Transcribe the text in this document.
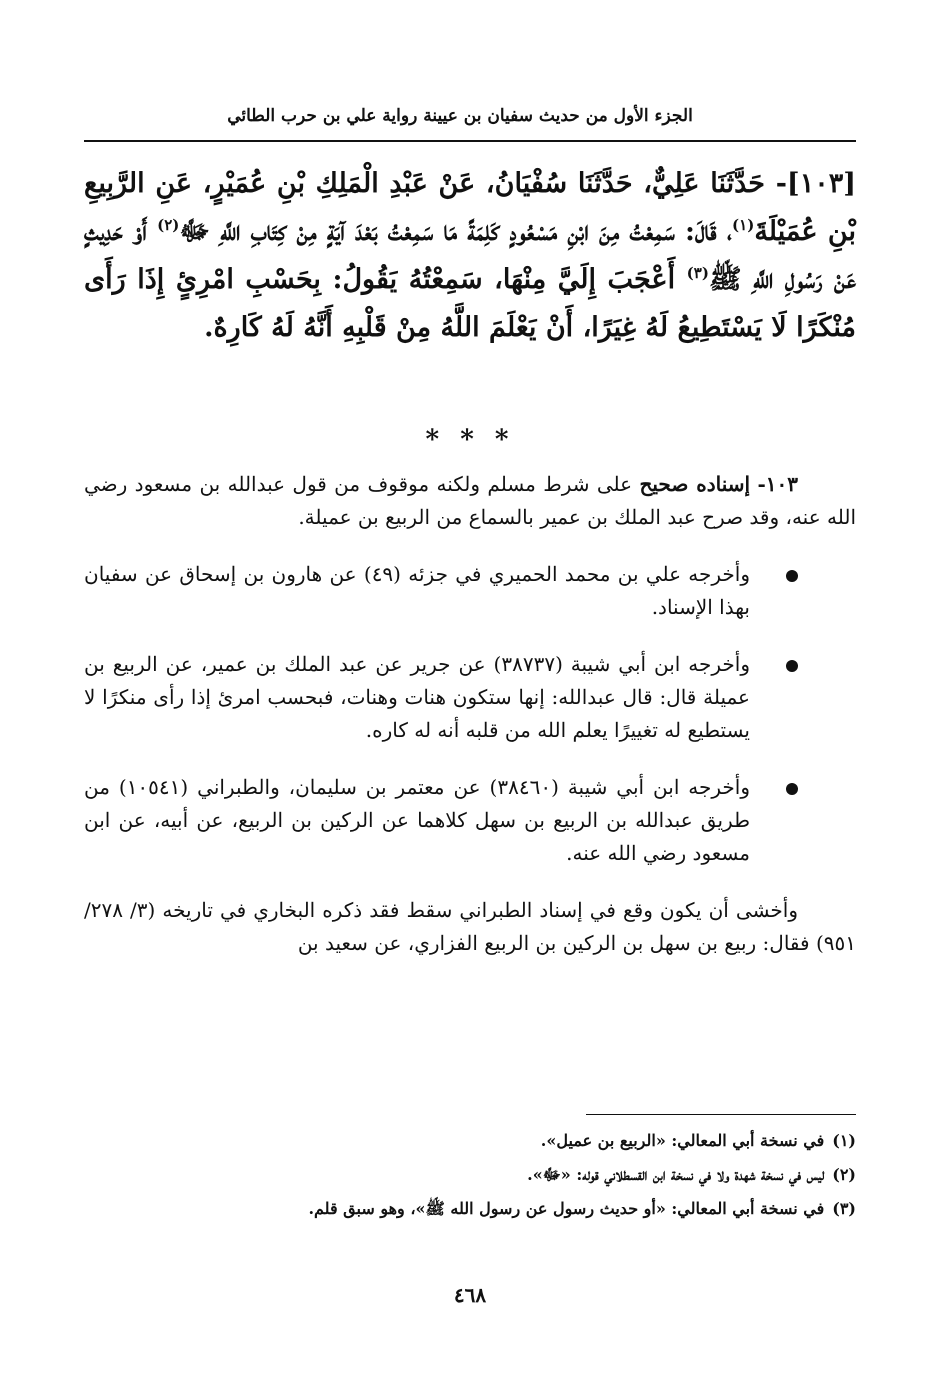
الجزء الأول من حديث سفيان بن عيينة رواية علي بن حرب الطائي
[١٠٣]- حَدَّثَنَا عَلِيٌّ، حَدَّثَنَا سُفْيَانُ، عَنْ عَبْدِ الْمَلِكِ بْنِ عُمَيْرٍ، عَنِ الرَّبِيعِ بْنِ عُمَيْلَةَ$^{(١)}$، قَالَ: سَمِعْتُ مِنَ ابْنِ مَسْعُودٍ كَلِمَةً مَا سَمِعْتُ بَعْدَ آيَةٍ مِنْ كِتَابِ اللَّهِ ﷻ$^{(٢)}$ أَوْ حَدِيثٍ عَنْ رَسُولِ اللَّهِ ﷺ$^{(٣)}$ أَعْجَبَ إِلَيَّ مِنْهَا، سَمِعْتُهُ يَقُولُ: بِحَسْبِ امْرِئٍ إِذَا رَأَى مُنْكَرًا لَا يَسْتَطِيعُ لَهُ غِيَرًا، أَنْ يَعْلَمَ اللَّهُ مِنْ قَلْبِهِ أَنَّهُ لَهُ كَارِهٌ.
* * *

١٠٣- إسناده صحيح على شرط مسلم ولكنه موقوف من قول عبدالله بن مسعود رضي الله عنه، وقد صرح عبد الملك بن عمير بالسماع من الربيع بن عميلة.

وأخرجه علي بن محمد الحميري في جزئه (٤٩) عن هارون بن إسحاق عن سفيان بهذا الإسناد.
وأخرجه ابن أبي شيبة (٣٨٧٣٧) عن جرير عن عبد الملك بن عمير، عن الربيع بن عميلة قال: قال عبدالله: إنها ستكون هنات وهنات، فبحسب امرئ إذا رأى منكرًا لا يستطيع له تغييرًا يعلم الله من قلبه أنه له كاره.
وأخرجه ابن أبي شيبة (٣٨٤٦٠) عن معتمر بن سليمان، والطبراني (١٠٥٤١) من طريق عبدالله بن الربيع بن سهل كلاهما عن الركين بن الربيع، عن أبيه، عن ابن مسعود رضي الله عنه.

وأخشى أن يكون وقع في إسناد الطبراني سقط فقد ذكره البخاري في تاريخه (٣/ ٢٧٨/ ٩٥١) فقال: ربيع بن سهل بن الركين بن الربيع الفزاري، عن سعيد بن

(١)في نسخة أبي المعالي: «الربيع بن عميل».
(٢)ليس في نسخة شهدة ولا في نسخة ابن القسطلاني قوله: «ﷻ».
(٣)في نسخة أبي المعالي: «أو حديث رسول عن رسول الله ﷺ»، وهو سبق قلم.
٤٦٨
